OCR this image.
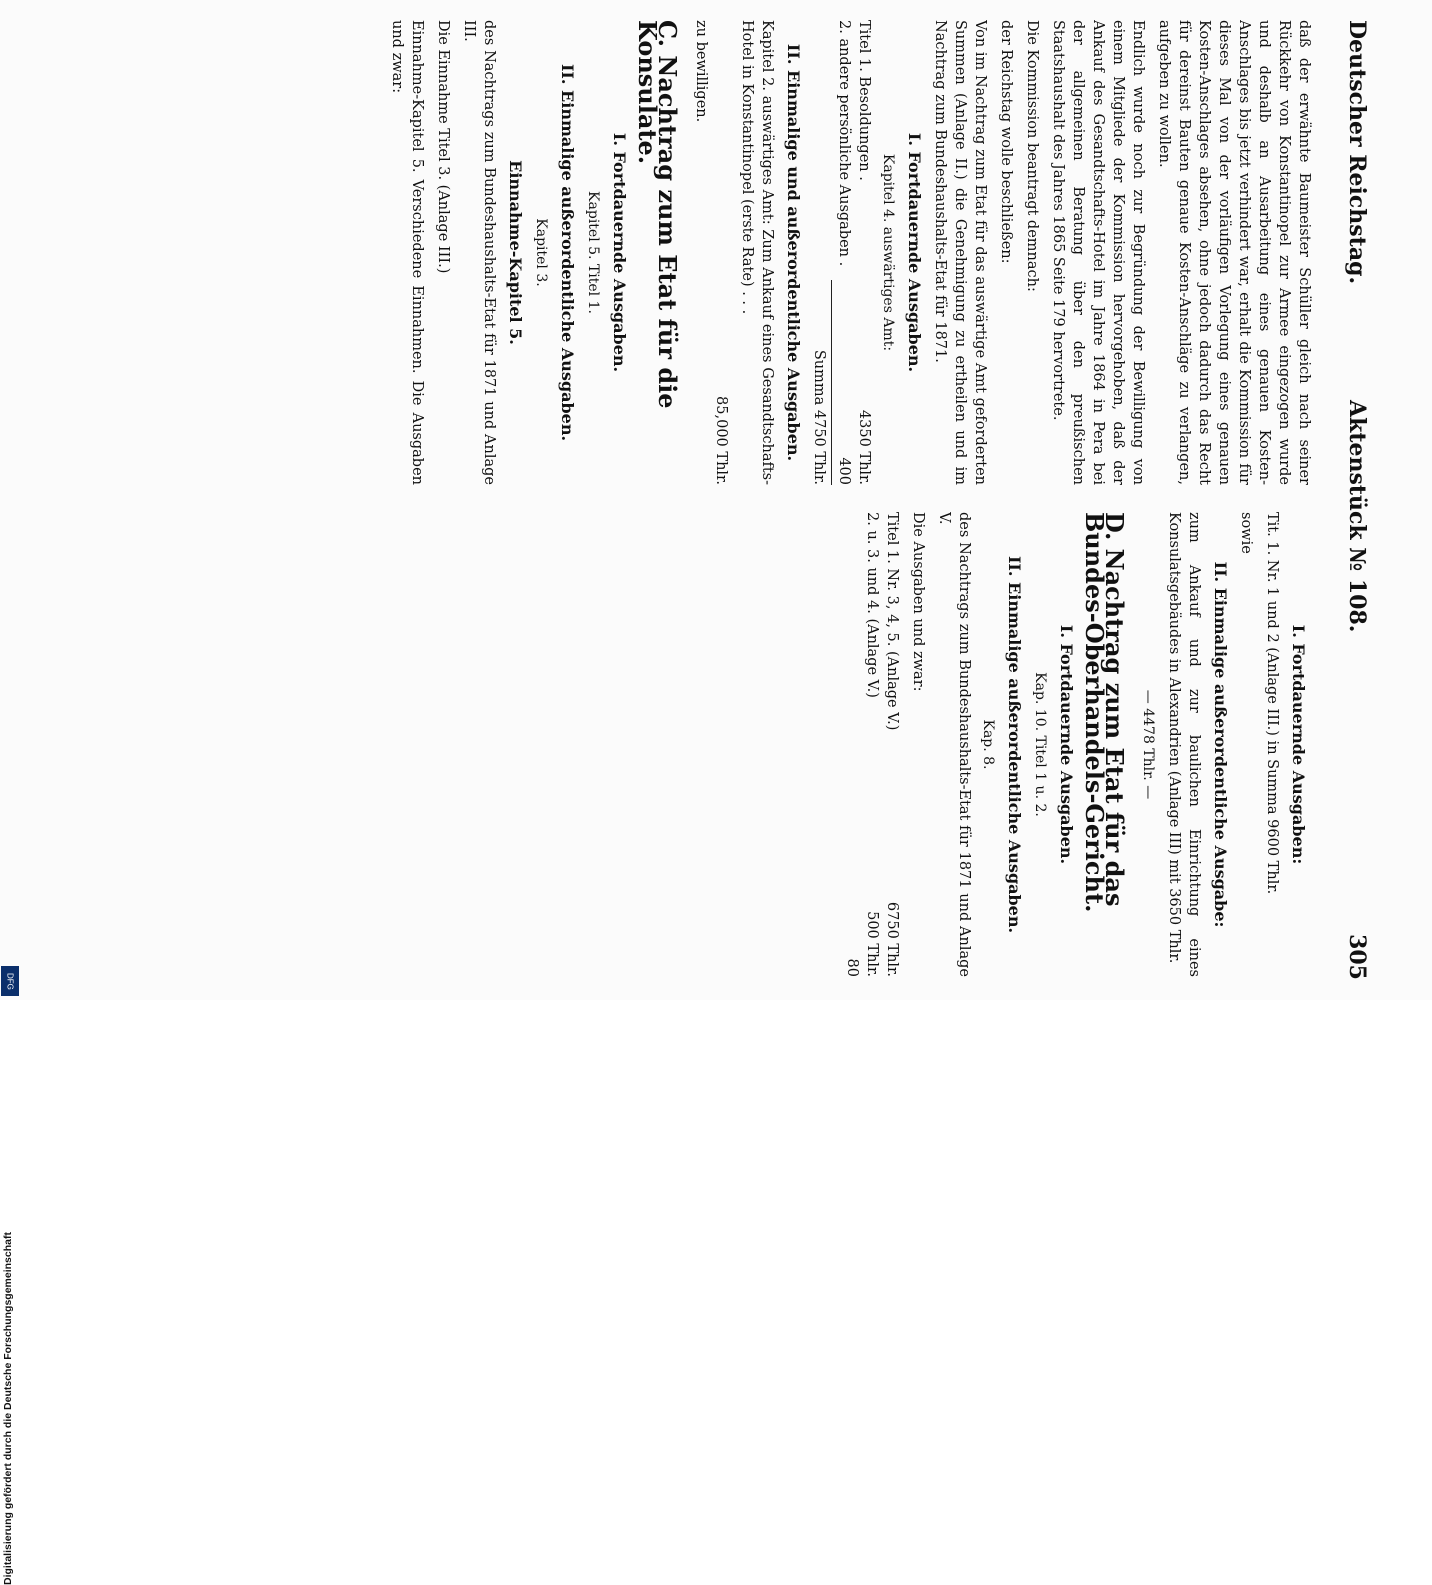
Digitalisierung gefördert durch die Deutsche Forschungsgemeinschaft
DFG
Deutscher Reichstag.
Aktenstück № 108.
305

daß der erwähnte Baumeister Schüller gleich nach seiner Rückkehr von Konstantinopel zur Armee eingezogen wurde und deshalb an Ausarbeitung eines genauen Kosten-Anschlages bis jetzt verhindert war, erhalt die Kommission für dieses Mal von der vorläufigen Vorlegung eines genauen Kosten-Anschlages absehen, ohne jedoch dadurch das Recht für dereinst Bauten genaue Kosten-Anschläge zu verlangen, aufgeben zu wollen.

Endlich wurde noch zur Begründung der Bewilligung von einem Mitgliede der Kommission hervorgehoben, daß der Ankauf des Gesandtschafts-Hotel im Jahre 1864 in Pera bei der allgemeinen Beratung über den preußischen Staatshaushalt des Jahres 1865 Seite 179 hervortrete.

Die Kommission beantragt demnach:

der Reichstag wolle beschließen:

Von im Nachtrag zum Etat für das auswärtige Amt geforderten Summen (Anlage II.) die Genehmigung zu ertheilen und im Nachtrag zum Bundeshaushalts-Etat für 1871.

I. Fortdauernde Ausgaben.
Kapitel 4. auswärtiges Amt:
Titel 1. Besoldungen .
4350 Thlr.
2. andere persönliche Ausgaben .
400
Summa 4750 Thlr.
II. Einmalige und außerordentliche Ausgaben.

Kapitel 2. auswärtiges Amt: Zum Ankauf eines Gesandtschafts-Hotel in Konstantinopel (erste Rate) . . .

85,000 Thlr.

zu bewilligen.

C. Nachtrag zum Etat für die Konsulate.
I. Fortdauernde Ausgaben.
Kapitel 5. Titel 1.
II. Einmalige außerordentliche Ausgaben.
Kapitel 3.
Einnahme-Kapitel 5.

des Nachtrags zum Bundeshaushalts-Etat für 1871 und Anlage III.

Die Einnahme Titel 3. (Anlage III.)

Einnahme-Kapitel 5. Verschiedene Einnahmen. Die Ausgaben und zwar:

I. Fortdauernde Ausgaben:

Tit. 1. Nr. 1 und 2 (Anlage III.) in Summa 9600 Thlr.

sowie

II. Einmalige außerordentliche Ausgabe:

zum Ankauf und zur baulichen Einrichtung eines Konsulatsgebäudes in Alexandrien (Anlage III) mit 3650 Thlr.

— 4478 Thlr. —
D. Nachtrag zum Etat für das Bundes-Oberhandels-Gericht.
I. Fortdauernde Ausgaben.
Kap. 10. Titel 1 u. 2.
II. Einmalige außerordentliche Ausgaben.
Kap. 8.

des Nachtrags zum Bundeshaushalts-Etat für 1871 und Anlage V.

Die Ausgaben und zwar:

Titel 1. Nr. 3, 4, 5. (Anlage V.)
6750 Thlr.
2. u. 3. und 4. (Anlage V.)
500 Thlr.
80
